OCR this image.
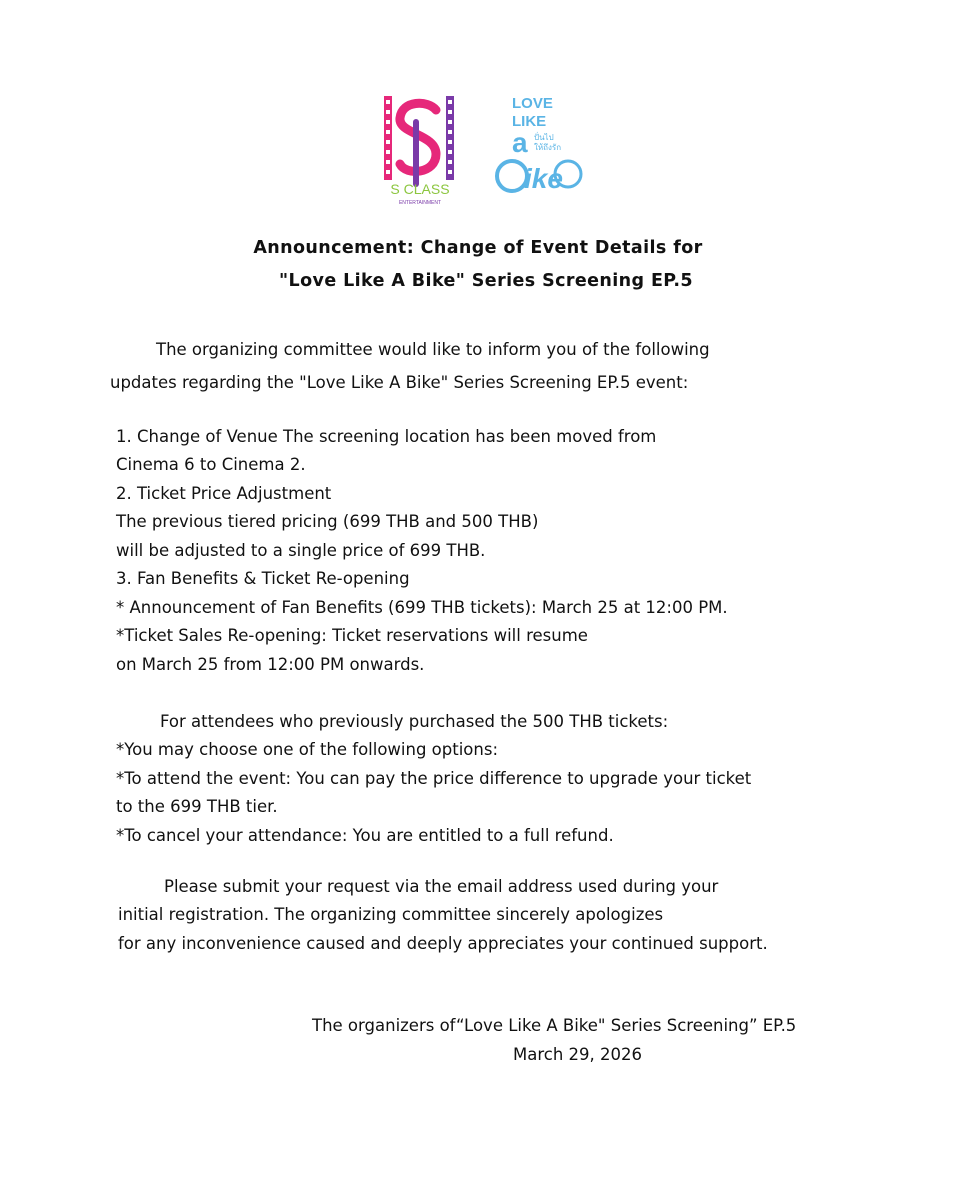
S CLASS
ENTERTAINMENT
LOVE
LIKE
a ปั่นไป
ให้ถึงรัก
ike
Announcement: Change of Event Details for
"Love Like A Bike" Series Screening EP.5

The organizing committee would like to inform you of the following

updates regarding the "Love Like A Bike" Series Screening EP.5 event:

1. Change of Venue The screening location has been moved from

Cinema 6 to Cinema 2.

2. Ticket Price Adjustment

The previous tiered pricing (699 THB and 500 THB)

will be adjusted to a single price of 699 THB.

3. Fan Benefits & Ticket Re-opening

* Announcement of Fan Benefits (699 THB tickets): March 25 at 12:00 PM.

*Ticket Sales Re-opening: Ticket reservations will resume

on March 25 from 12:00 PM onwards.

For attendees who previously purchased the 500 THB tickets:

*You may choose one of the following options:

*To attend the event: You can pay the price difference to upgrade your ticket

to the 699 THB tier.

*To cancel your attendance: You are entitled to a full refund.

Please submit your request via the email address used during your

initial registration. The organizing committee sincerely apologizes

for any inconvenience caused and deeply appreciates your continued support.

The organizers of“Love Like A Bike" Series Screening” EP.5

March 29, 2026
